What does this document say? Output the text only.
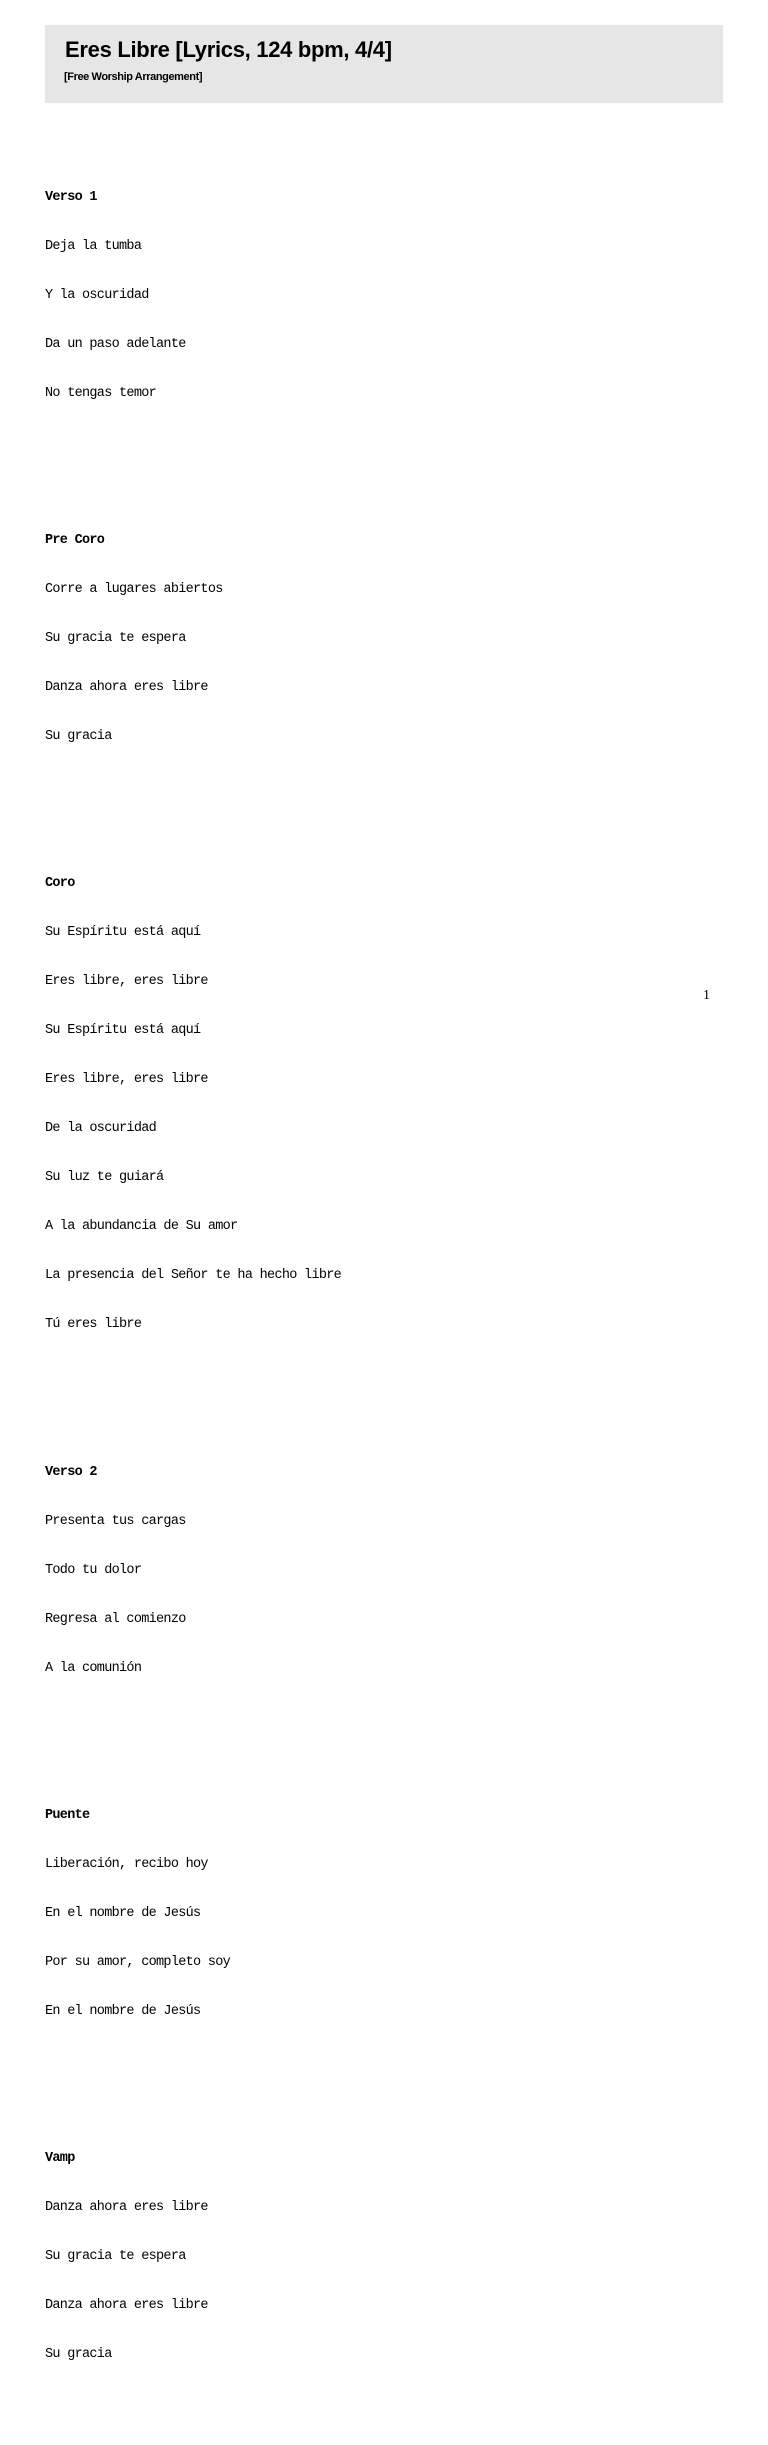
Eres Libre [Lyrics, 124 bpm, 4/4]

[Free Worship Arrangement]

Verso 1

Deja la tumba

Y la oscuridad

Da un paso adelante

No tengas temor

Pre Coro

Corre a lugares abiertos

Su gracia te espera

Danza ahora eres libre

Su gracia

Coro

Su Espíritu está aquí

Eres libre, eres libre

Su Espíritu está aquí

Eres libre, eres libre

De la oscuridad

Su luz te guiará

A la abundancia de Su amor

La presencia del Señor te ha hecho libre

Tú eres libre

Verso 2

Presenta tus cargas

Todo tu dolor

Regresa al comienzo

A la comunión

Puente

Liberación, recibo hoy

En el nombre de Jesús

Por su amor, completo soy

En el nombre de Jesús

Vamp

Danza ahora eres libre

Su gracia te espera

Danza ahora eres libre

Su gracia

1
